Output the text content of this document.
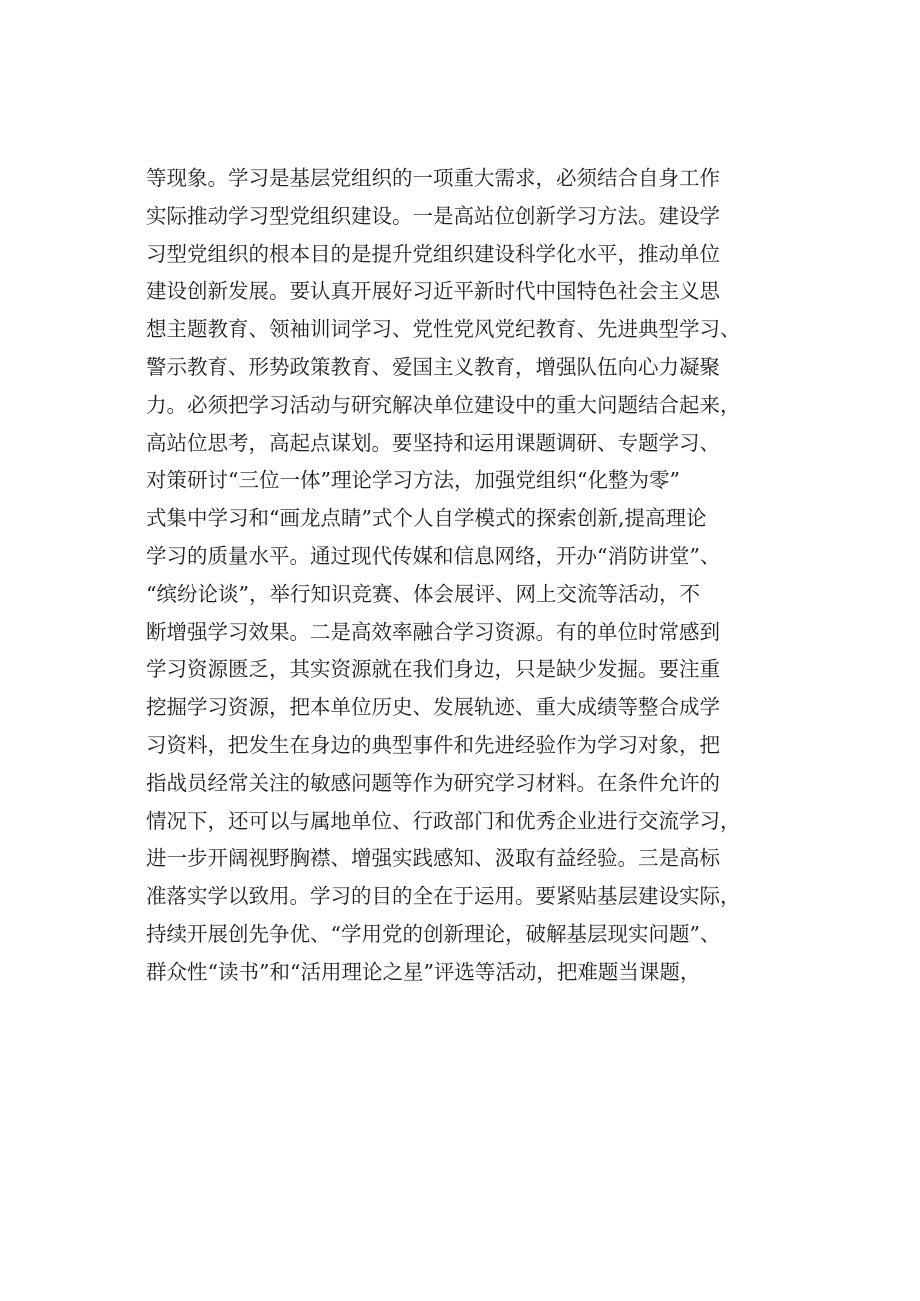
等现象。学习是基层党组织的一项重大需求，必须结合自身工作
实际推动学习型党组织建设。一是高站位创新学习方法。建设学
习型党组织的根本目的是提升党组织建设科学化水平，推动单位
建设创新发展。要认真开展好习近平新时代中国特色社会主义思
想主题教育、领袖训词学习、党性党风党纪教育、先进典型学习、
警示教育、形势政策教育、爱国主义教育，增强队伍向心力凝聚
力。必须把学习活动与研究解决单位建设中的重大问题结合起来，
高站位思考，高起点谋划。要坚持和运用课题调研、专题学习、
对策研讨“三位一体”理论学习方法，加强党组织“化整为零”
式集中学习和“画龙点睛”式个人自学模式的探索创新,提高理论
学习的质量水平。通过现代传媒和信息网络，开办“消防讲堂”、
“缤纷论谈”，举行知识竞赛、体会展评、网上交流等活动，不
断增强学习效果。二是高效率融合学习资源。有的单位时常感到
学习资源匮乏，其实资源就在我们身边，只是缺少发掘。要注重
挖掘学习资源，把本单位历史、发展轨迹、重大成绩等整合成学
习资料，把发生在身边的典型事件和先进经验作为学习对象，把
指战员经常关注的敏感问题等作为研究学习材料。在条件允许的
情况下，还可以与属地单位、行政部门和优秀企业进行交流学习，
进一步开阔视野胸襟、增强实践感知、汲取有益经验。三是高标
准落实学以致用。学习的目的全在于运用。要紧贴基层建设实际，
持续开展创先争优、“学用党的创新理论，破解基层现实问题”、
群众性“读书”和“活用理论之星”评选等活动，把难题当课题，
